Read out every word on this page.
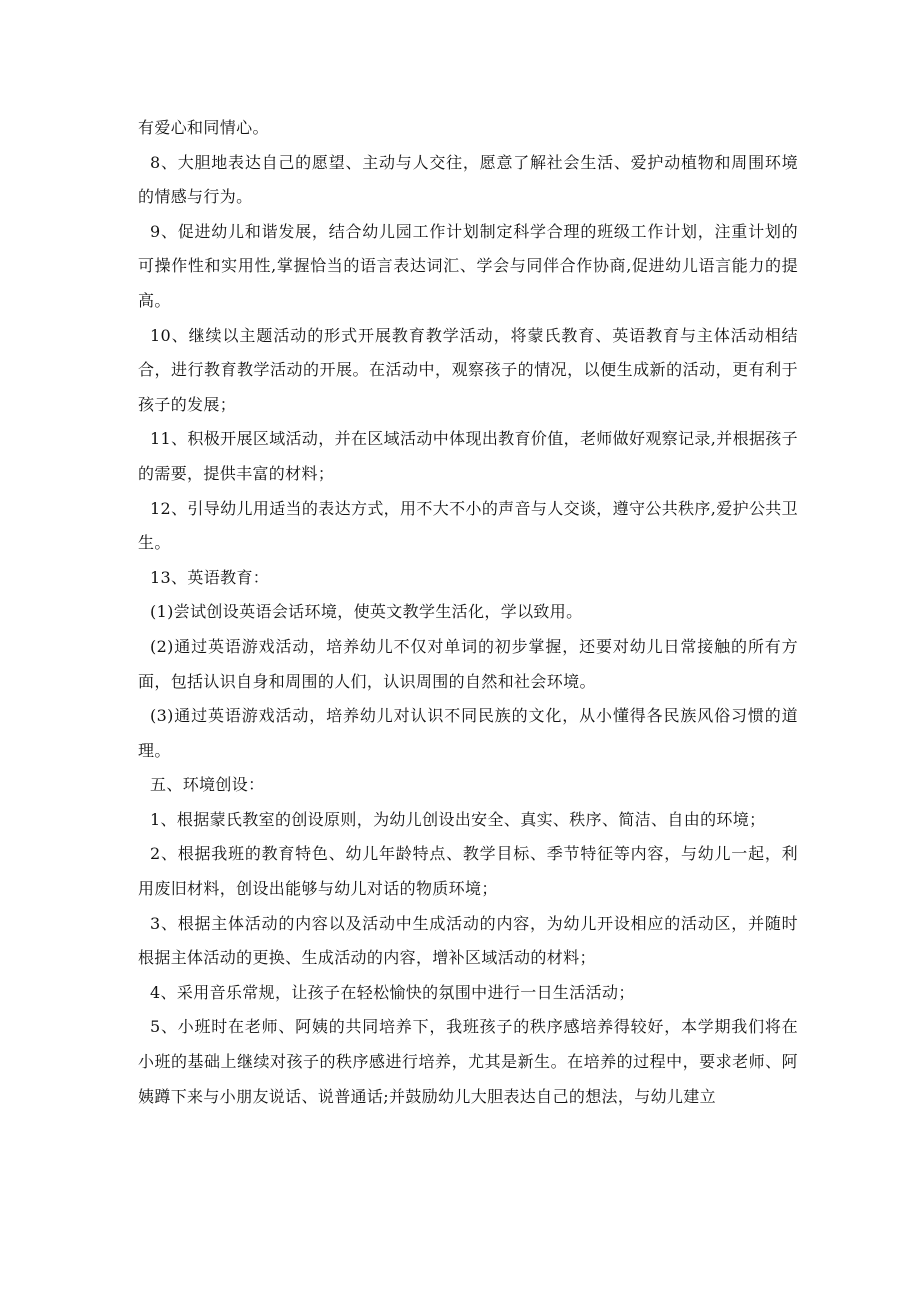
有爱心和同情心。

8、大胆地表达自己的愿望、主动与人交往，愿意了解社会生活、爱护动植物和周围环境的情感与行为。

9、促进幼儿和谐发展，结合幼儿园工作计划制定科学合理的班级工作计划，注重计划的可操作性和实用性,掌握恰当的语言表达词汇、学会与同伴合作协商,促进幼儿语言能力的提高。

10、继续以主题活动的形式开展教育教学活动，将蒙氏教育、英语教育与主体活动相结合，进行教育教学活动的开展。在活动中，观察孩子的情况，以便生成新的活动，更有利于孩子的发展；

11、积极开展区域活动，并在区域活动中体现出教育价值，老师做好观察记录,并根据孩子的需要，提供丰富的材料；

12、引导幼儿用适当的表达方式，用不大不小的声音与人交谈，遵守公共秩序,爱护公共卫生。

13、英语教育：

(1)尝试创设英语会话环境，使英文教学生活化，学以致用。

(2)通过英语游戏活动，培养幼儿不仅对单词的初步掌握，还要对幼儿日常接触的所有方面，包括认识自身和周围的人们，认识周围的自然和社会环境。

(3)通过英语游戏活动，培养幼儿对认识不同民族的文化，从小懂得各民族风俗习惯的道理。

五、环境创设：

1、根据蒙氏教室的创设原则，为幼儿创设出安全、真实、秩序、简洁、自由的环境；

2、根据我班的教育特色、幼儿年龄特点、教学目标、季节特征等内容，与幼儿一起，利用废旧材料，创设出能够与幼儿对话的物质环境；

3、根据主体活动的内容以及活动中生成活动的内容，为幼儿开设相应的活动区，并随时根据主体活动的更换、生成活动的内容，增补区域活动的材料；

4、采用音乐常规，让孩子在轻松愉快的氛围中进行一日生活活动；

5、小班时在老师、阿姨的共同培养下，我班孩子的秩序感培养得较好，本学期我们将在小班的基础上继续对孩子的秩序感进行培养，尤其是新生。在培养的过程中，要求老师、阿姨蹲下来与小朋友说话、说普通话;并鼓励幼儿大胆表达自己的想法，与幼儿建立
